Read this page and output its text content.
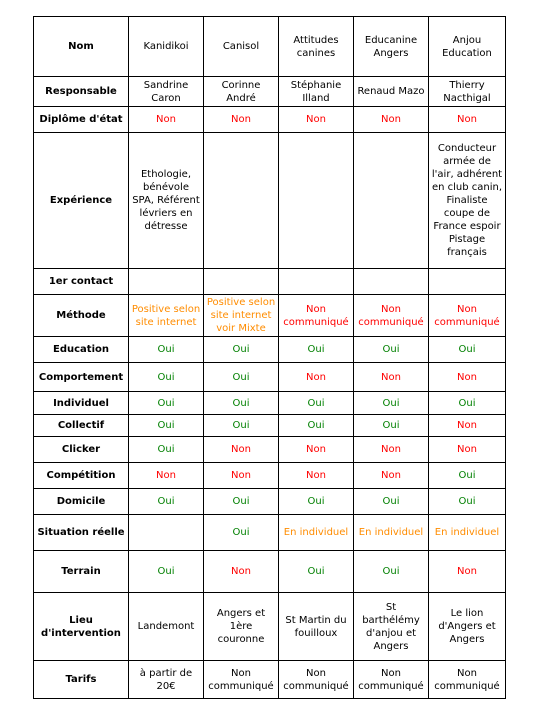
Nom	Kanidikoi	Canisol	Attitudes canines	Educanine Angers	Anjou Education
Responsable	Sandrine Caron	Corinne André	Stéphanie Illand	Renaud Mazo	Thierry Nacthigal
Diplôme d'état	Non	Non	Non	Non	Non
Expérience	Ethologie, bénévole SPA, Référent lévriers en détresse				Conducteur armée de l'air, adhérent en club canin, Finaliste coupe de France espoir Pistage français
1er contact					
Méthode	Positive selon site internet	Positive selon site internet voir Mixte	Non communiqué	Non communiqué	Non communiqué
Education	Oui	Oui	Oui	Oui	Oui
Comportement	Oui	Oui	Non	Non	Non
Individuel	Oui	Oui	Oui	Oui	Oui
Collectif	Oui	Oui	Oui	Oui	Non
Clicker	Oui	Non	Non	Non	Non
Compétition	Non	Non	Non	Non	Oui
Domicile	Oui	Oui	Oui	Oui	Oui
Situation réelle		Oui	En individuel	En individuel	En individuel
Terrain	Oui	Non	Oui	Oui	Non
Lieu d'intervention	Landemont	Angers et 1ère couronne	St Martin du fouilloux	St barthélémy d'anjou et Angers	Le lion d'Angers et Angers
Tarifs	à partir de 20€	Non communiqué	Non communiqué	Non communiqué	Non communiqué
